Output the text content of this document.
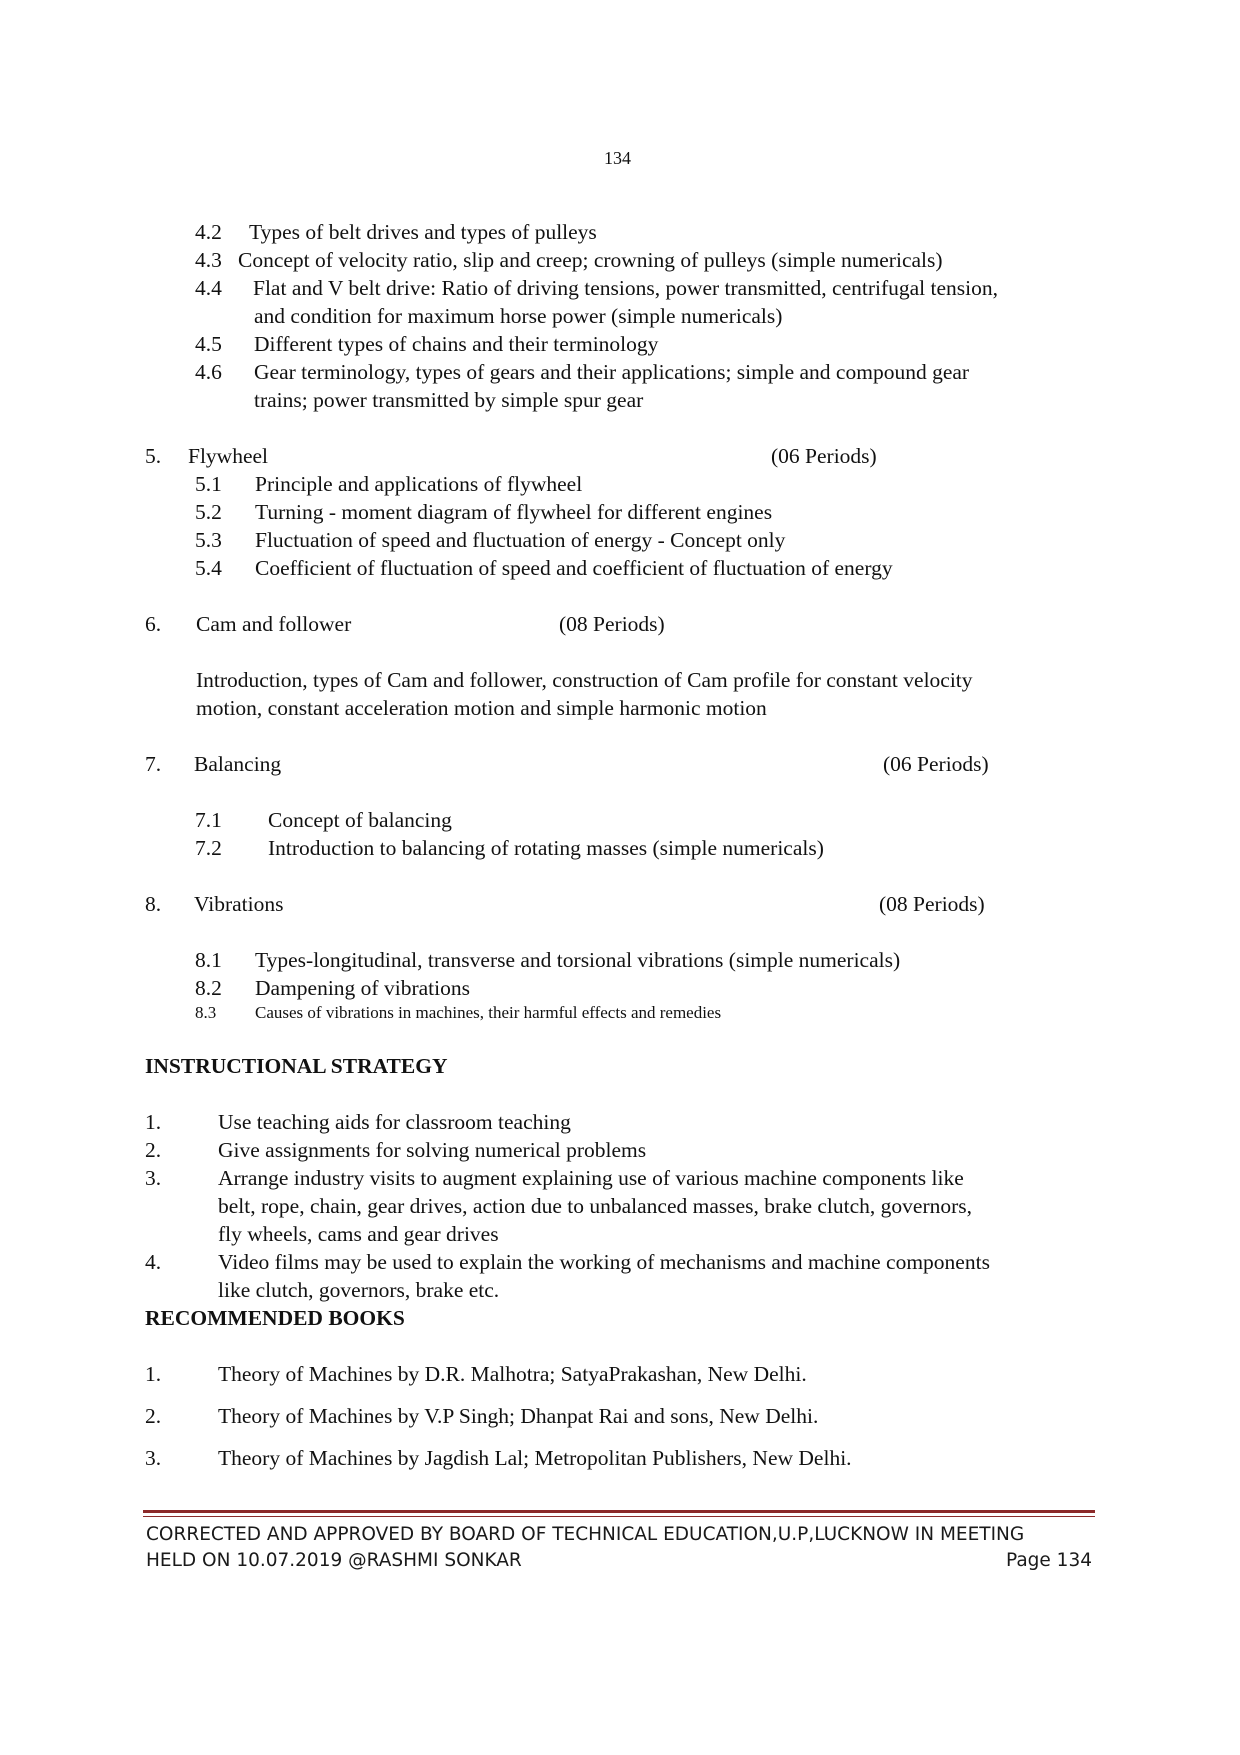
134
4.2 Types of belt drives and types of pulleys
4.3 Concept of velocity ratio, slip and creep; crowning of pulleys (simple numericals)
4.4 Flat and V belt drive: Ratio of driving tensions, power transmitted, centrifugal tension,
and condition for maximum horse power (simple numericals)
4.5 Different types of chains and their terminology
4.6 Gear terminology, types of gears and their applications; simple and compound gear
trains; power transmitted by simple spur gear
5. Flywheel	(06 Periods)
5.1 Principle and applications of flywheel
5.2 Turning - moment diagram of flywheel for different engines
5.3 Fluctuation of speed and fluctuation of energy - Concept only
5.4 Coefficient of fluctuation of speed and coefficient of fluctuation of energy
6. Cam and follower	(08 Periods)
Introduction, types of Cam and follower, construction of Cam profile for constant velocity
motion, constant acceleration motion and simple harmonic motion
7. Balancing	(06 Periods)
7.1 Concept of balancing
7.2 Introduction to balancing of rotating masses (simple numericals)
8. Vibrations	(08 Periods)
8.1 Types-longitudinal, transverse and torsional vibrations (simple numericals)
8.2 Dampening of vibrations
8.3 Causes of vibrations in machines, their harmful effects and remedies
INSTRUCTIONAL STRATEGY
1.	Use teaching aids for classroom teaching
2.	Give assignments for solving numerical problems
3.	Arrange industry visits to augment explaining use of various machine components like
belt, rope, chain, gear drives, action due to unbalanced masses, brake clutch, governors,
fly wheels, cams and gear drives
4.	Video films may be used to explain the working of mechanisms and machine components
like clutch, governors, brake etc.
RECOMMENDED BOOKS
1.	Theory of Machines by D.R. Malhotra; SatyaPrakashan, New Delhi.
2.	Theory of Machines by V.P Singh; Dhanpat Rai and sons, New Delhi.
3.	Theory of Machines by Jagdish Lal; Metropolitan Publishers, New Delhi.
CORRECTED AND APPROVED BY BOARD OF TECHNICAL EDUCATION,U.P,LUCKNOW IN MEETING
HELD ON 10.07.2019 @RASHMI SONKAR	Page 134
